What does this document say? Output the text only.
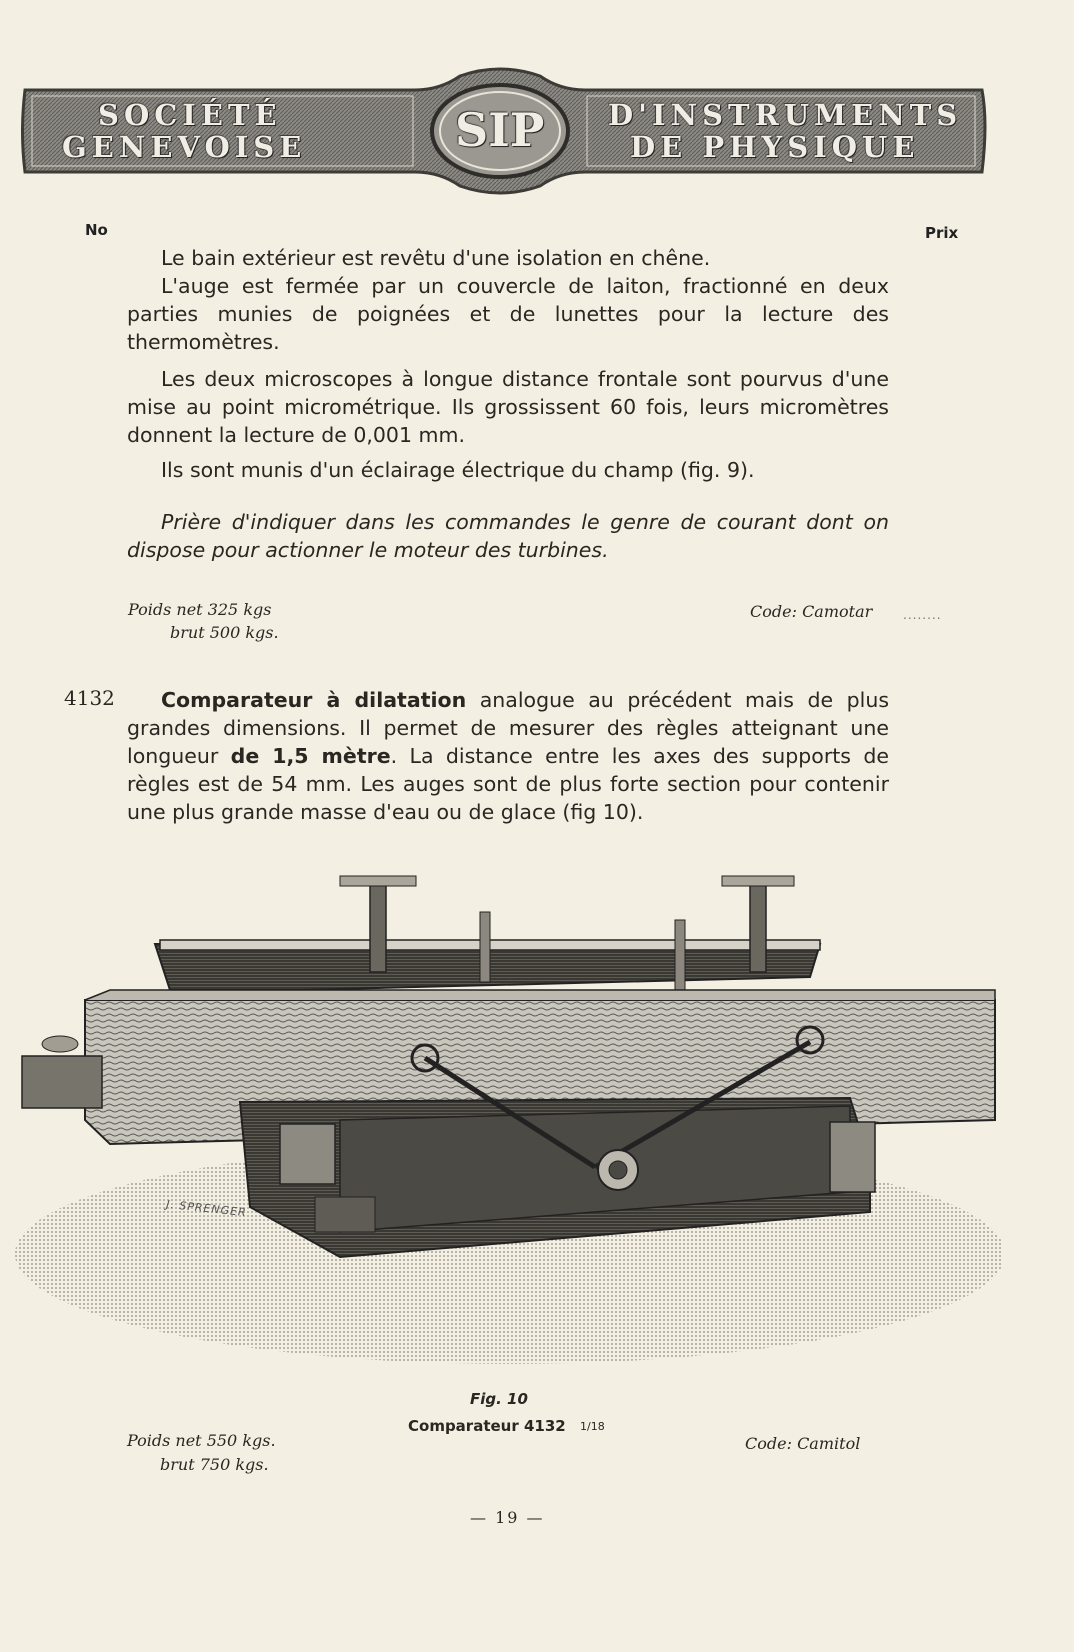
SOCIÉTÉ
GENEVOISE	SIP D'INSTRUMENTS
DE PHYSIQUE
No	Prix
Le bain extérieur est revêtu d'une isolation en chêne.
L'auge est fermée par un couvercle de laiton, fractionné en deux parties munies de poignées et de lunettes pour la lecture des thermomètres.
Les deux microscopes à longue distance frontale sont pourvus d'une mise au point micrométrique. Ils grossissent 60 fois, leurs micromètres donnent la lecture de 0,001 mm.
Ils sont munis d'un éclairage électrique du champ (fig. 9).
Prière d'indiquer dans les commandes le genre de courant dont on dispose pour actionner le moteur des turbines.
Poids net 325 kgs
brut 500 kgs.
Code: Camotar	........
4132	Comparateur à dilatation analogue au précédent mais de plus grandes dimensions. Il permet de mesurer des règles atteignant une longueur de 1,5 mètre. La distance entre les axes des supports de règles est de 54 mm. Les auges sont de plus forte section pour contenir une plus grande masse d'eau ou de glace (fig 10).
J. SPRENGER
Fig. 10
Comparateur 4132 1/18
Poids net 550 kgs.
brut 750 kgs.
Code: Camitol
— 19 —
